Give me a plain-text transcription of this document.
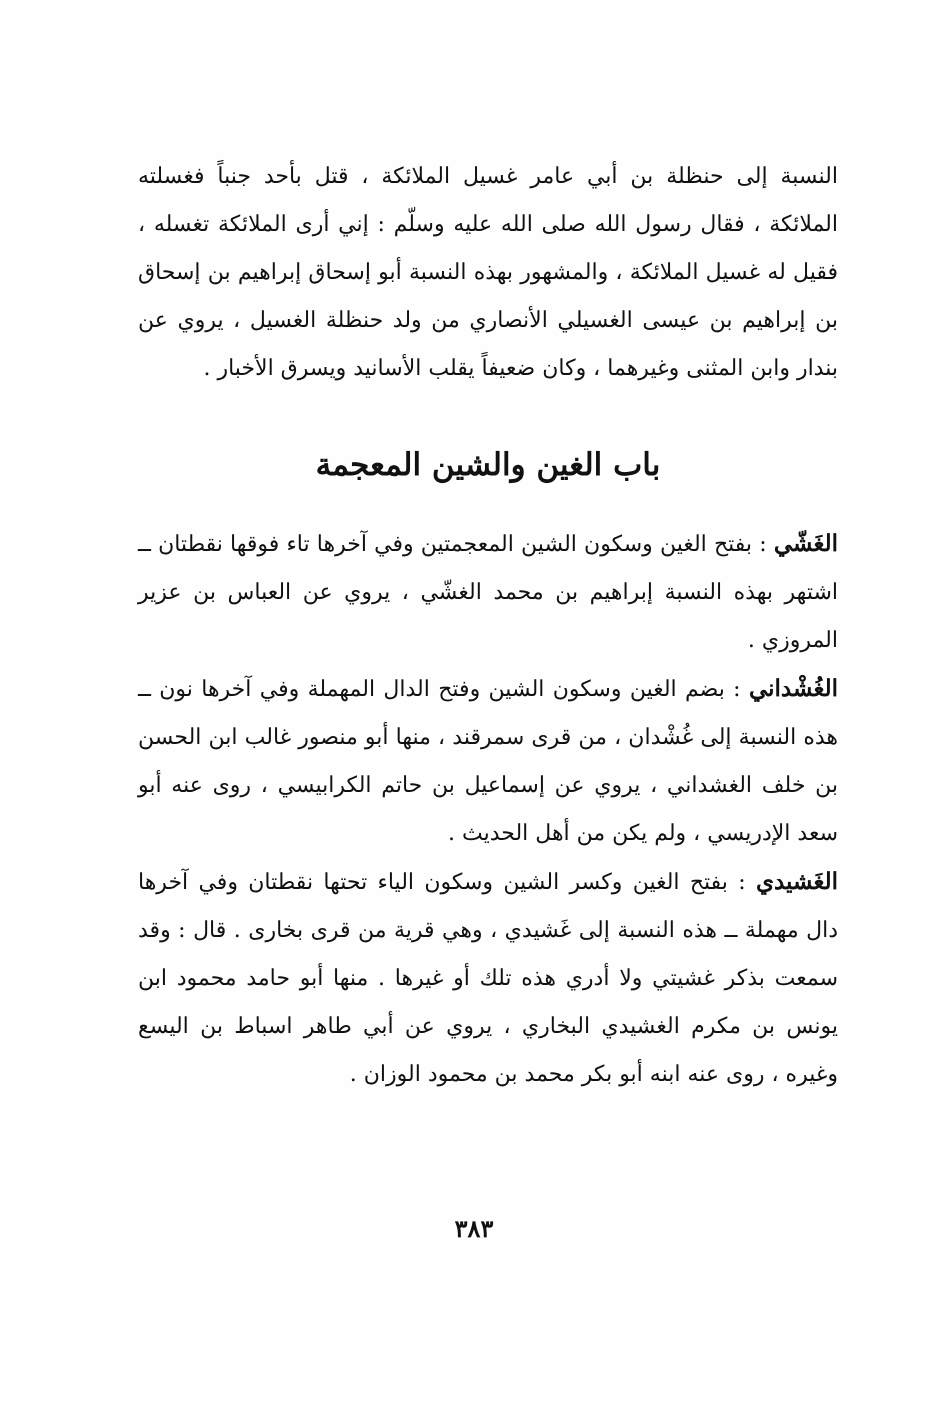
النسبة إلى حنظلة بن أبي عامر غسيل الملائكة ، قتل بأحد جنباً فغسلته الملائكة ، فقال رسول الله صلى الله عليه وسلّم : إني أرى الملائكة تغسله ، فقيل له غسيل الملائكة ، والمشهور بهذه النسبة أبو إسحاق إبراهيم بن إسحاق بن إبراهيم بن عيسى الغسيلي الأنصاري من ولد حنظلة الغسيل ، يروي عن بندار وابن المثنى وغيرهما ، وكان ضعيفاً يقلب الأسانيد ويسرق الأخبار .

باب الغين والشين المعجمة

الغَشّي : بفتح الغين وسكون الشين المعجمتين وفي آخرها تاء فوقها نقطتان ــ اشتهر بهذه النسبة إبراهيم بن محمد الغشّي ، يروي عن العباس بن عزير المروزي .

الغُشْداني : بضم الغين وسكون الشين وفتح الدال المهملة وفي آخرها نون ــ هذه النسبة إلى غُشْدان ، من قرى سمرقند ، منها أبو منصور غالب ابن الحسن بن خلف الغشداني ، يروي عن إسماعيل بن حاتم الكرابيسي ، روى عنه أبو سعد الإدريسي ، ولم يكن من أهل الحديث .

الغَشيدي : بفتح الغين وكسر الشين وسكون الياء تحتها نقطتان وفي آخرها دال مهملة ــ هذه النسبة إلى غَشيدي ، وهي قرية من قرى بخارى . قال : وقد سمعت بذكر غشيتي ولا أدري هذه تلك أو غيرها . منها أبو حامد محمود ابن يونس بن مكرم الغشيدي البخاري ، يروي عن أبي طاهر اسباط بن اليسع وغيره ، روى عنه ابنه أبو بكر محمد بن محمود الوزان .

٣٨٣
